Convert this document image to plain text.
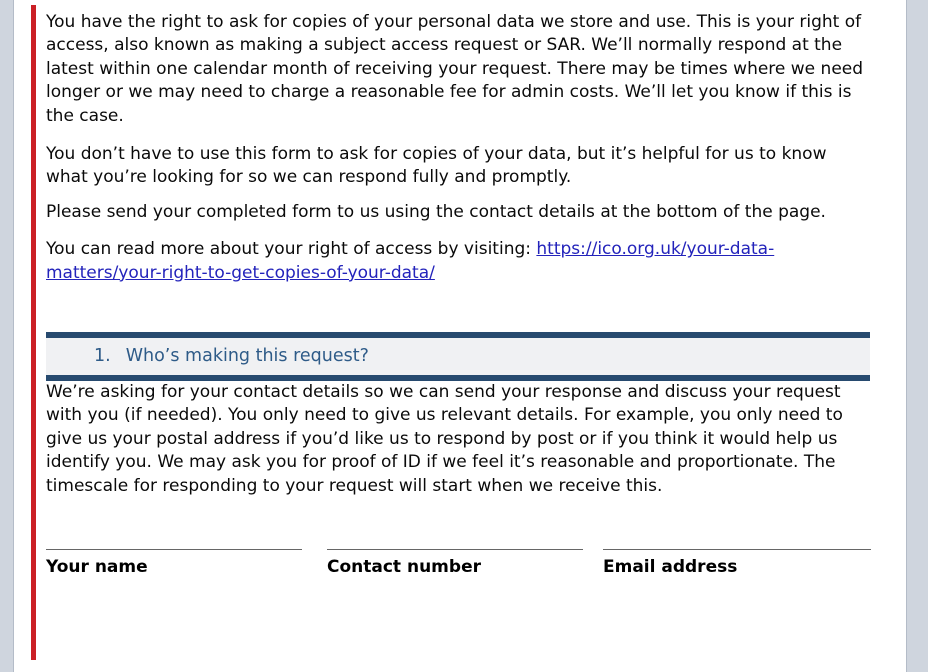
You have the right to ask for copies of your personal data we store and use. This is your right of access, also known as making a subject access request or SAR. We’ll normally respond at the latest within one calendar month of receiving your request. There may be times where we need longer or we may need to charge a reasonable fee for admin costs. We’ll let you know if this is the case.

You don’t have to use this form to ask for copies of your data, but it’s helpful for us to know what you’re looking for so we can respond fully and promptly.

Please send your completed form to us using the contact details at the bottom of the page.

You can read more about your right of access by visiting: https://ico.org.uk/your-data-matters/your-right-to-get-copies-of-your-data/

1. Who’s making this request?

We’re asking for your contact details so we can send your response and discuss your request with you (if needed). You only need to give us relevant details. For example, you only need to give us your postal address if you’d like us to respond by post or if you think it would help us identify you. We may ask you for proof of ID if we feel it’s reasonable and proportionate. The timescale for responding to your request will start when we receive this.

Your name	Contact number	Email address
